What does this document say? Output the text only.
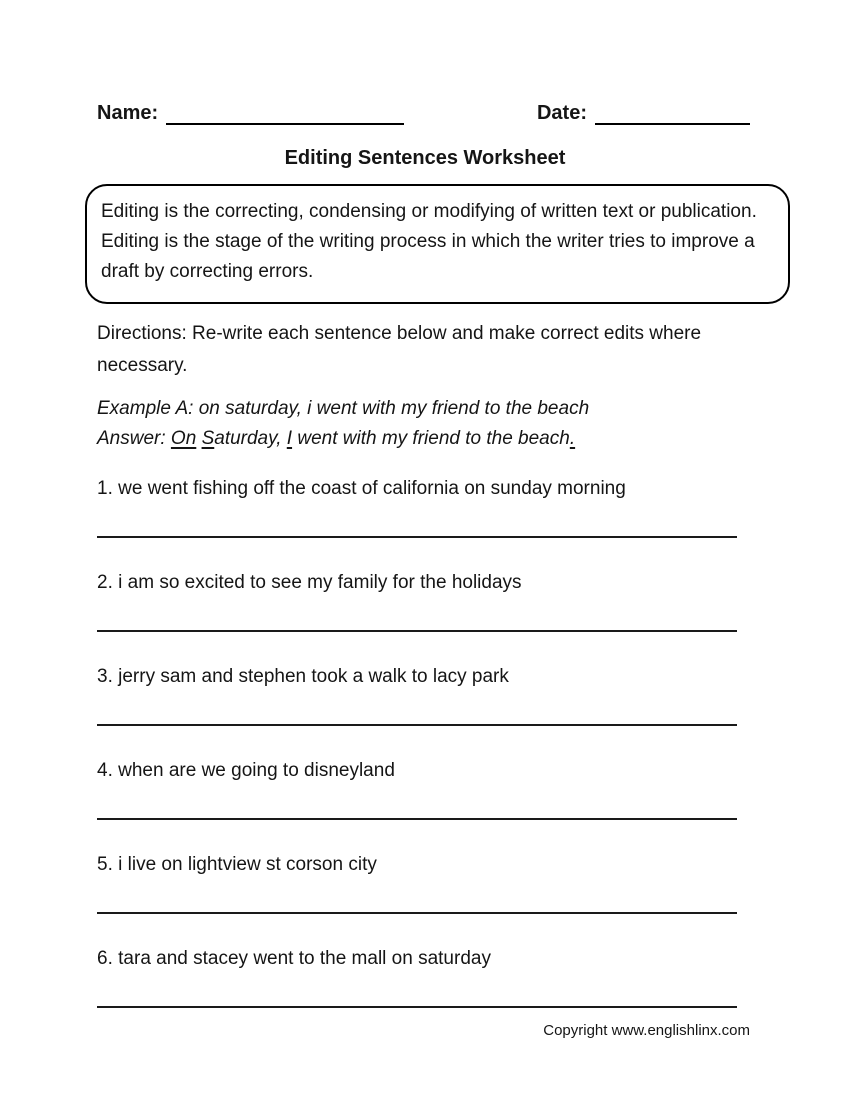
Name:	Date:
Editing Sentences Worksheet
Editing is the correcting, condensing or modifying of written text or publication. Editing is the stage of the writing process in which the writer tries to improve a draft by correcting errors.
Directions: Re-write each sentence below and make correct edits where necessary.

Example A: on saturday, i went with my friend to the beach

Answer: On Saturday, I went with my friend to the beach.

1. we went fishing off the coast of california on sunday morning

2. i am so excited to see my family for the holidays

3. jerry sam and stephen took a walk to lacy park

4. when are we going to disneyland

5. i live on lightview st corson city

6. tara and stacey went to the mall on saturday

Copyright www.englishlinx.com
